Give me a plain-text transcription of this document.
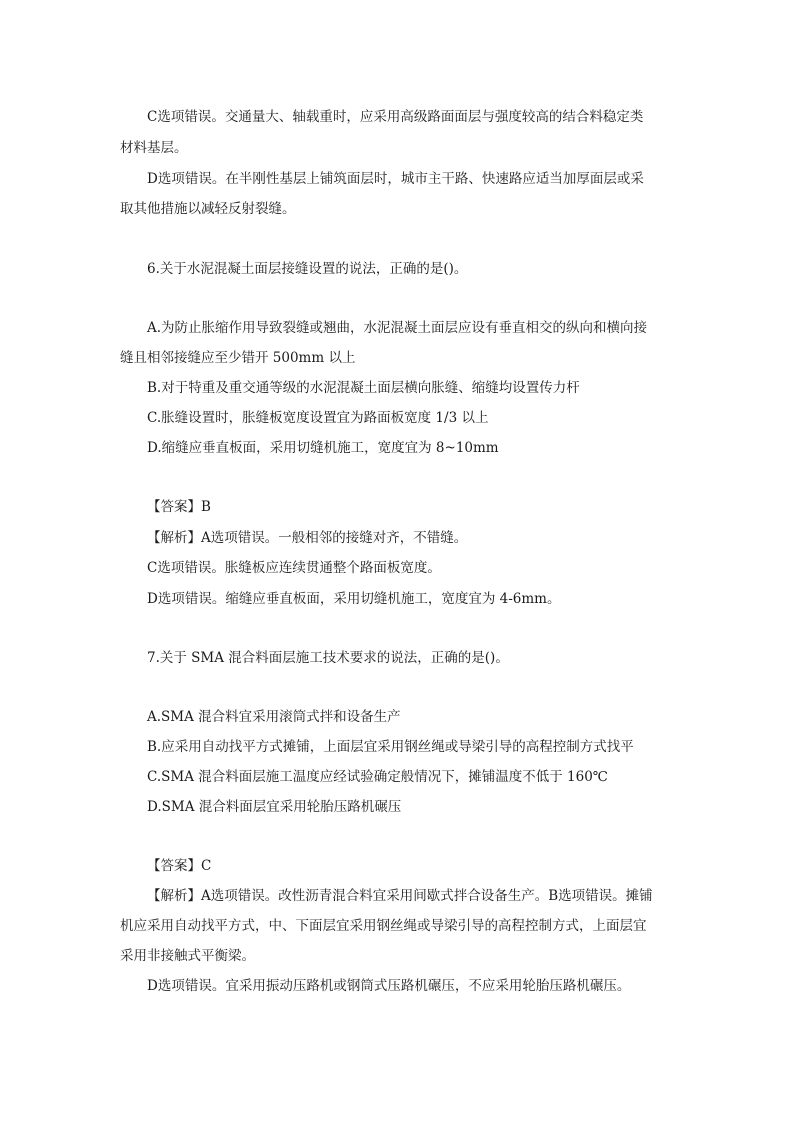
C选项错误。交通量大、轴载重时，应采用高级路面面层与强度较高的结合料稳定类
材料基层。
D选项错误。在半刚性基层上铺筑面层时，城市主干路、快速路应适当加厚面层或采
取其他措施以减轻反射裂缝。
6.关于水泥混凝土面层接缝设置的说法，正确的是()。
A.为防止胀缩作用导致裂缝或翘曲，水泥混凝土面层应设有垂直相交的纵向和横向接
缝且相邻接缝应至少错开 500mm 以上
B.对于特重及重交通等级的水泥混凝土面层横向胀缝、缩缝均设置传力杆
C.胀缝设置时，胀缝板宽度设置宜为路面板宽度 1/3 以上
D.缩缝应垂直板面，采用切缝机施工，宽度宜为 8~10mm
【答案】B
【解析】A选项错误。一般相邻的接缝对齐，不错缝。
C选项错误。胀缝板应连续贯通整个路面板宽度。
D选项错误。缩缝应垂直板面，采用切缝机施工，宽度宜为 4-6mm。
7.关于 SMA 混合料面层施工技术要求的说法，正确的是()。
A.SMA 混合料宜采用滚筒式拌和设备生产
B.应采用自动找平方式摊铺，上面层宜采用钢丝绳或导梁引导的高程控制方式找平
C.SMA 混合料面层施工温度应经试验确定般情况下，摊铺温度不低于 160℃
D.SMA 混合料面层宜采用轮胎压路机碾压
【答案】C
【解析】A选项错误。改性沥青混合料宜采用间歇式拌合设备生产。B选项错误。摊铺
机应采用自动找平方式，中、下面层宜采用钢丝绳或导梁引导的高程控制方式，上面层宜
采用非接触式平衡梁。
D选项错误。宜采用振动压路机或钢筒式压路机碾压，不应采用轮胎压路机碾压。
